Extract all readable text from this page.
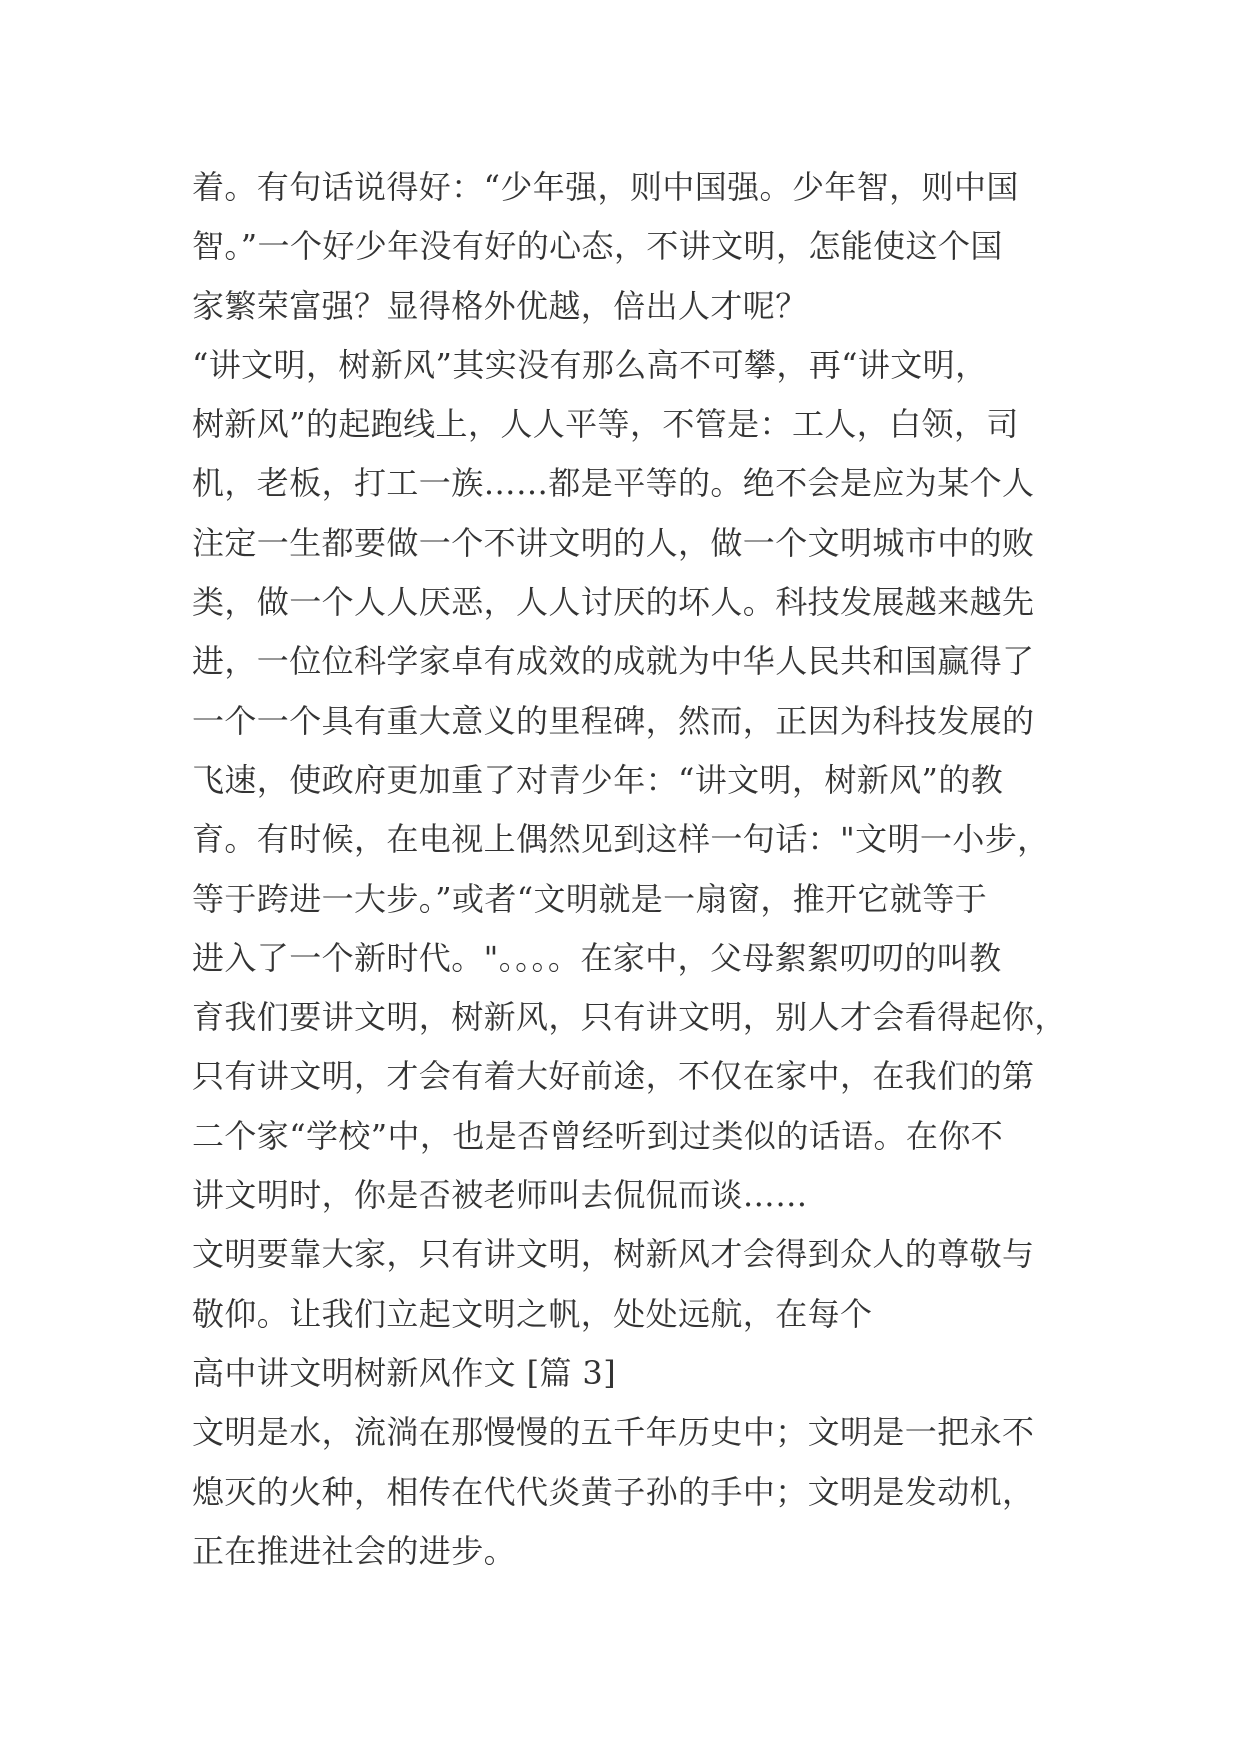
着。有句话说得好：“少年强，则中国强。少年智，则中国
智。”一个好少年没有好的心态，不讲文明，怎能使这个国
家繁荣富强？显得格外优越，倍出人才呢？
“讲文明，树新风”其实没有那么高不可攀，再“讲文明，
树新风”的起跑线上，人人平等，不管是：工人，白领，司
机，老板，打工一族……都是平等的。绝不会是应为某个人
注定一生都要做一个不讲文明的人，做一个文明城市中的败
类，做一个人人厌恶，人人讨厌的坏人。科技发展越来越先
进，一位位科学家卓有成效的成就为中华人民共和国赢得了
一个一个具有重大意义的里程碑，然而，正因为科技发展的
飞速，使政府更加重了对青少年：“讲文明，树新风”的教
育。有时候，在电视上偶然见到这样一句话："文明一小步，
等于跨进一大步。”或者“文明就是一扇窗，推开它就等于
进入了一个新时代。"。。。。在家中，父母絮絮叨叨的叫教
育我们要讲文明，树新风，只有讲文明，别人才会看得起你，
只有讲文明，才会有着大好前途，不仅在家中，在我们的第
二个家“学校”中，也是否曾经听到过类似的话语。在你不
讲文明时，你是否被老师叫去侃侃而谈……
文明要靠大家，只有讲文明，树新风才会得到众人的尊敬与
敬仰。让我们立起文明之帆，处处远航，在每个
高中讲文明树新风作文 [篇 3]
文明是水，流淌在那慢慢的五千年历史中；文明是一把永不
熄灭的火种，相传在代代炎黄子孙的手中；文明是发动机，
正在推进社会的进步。
